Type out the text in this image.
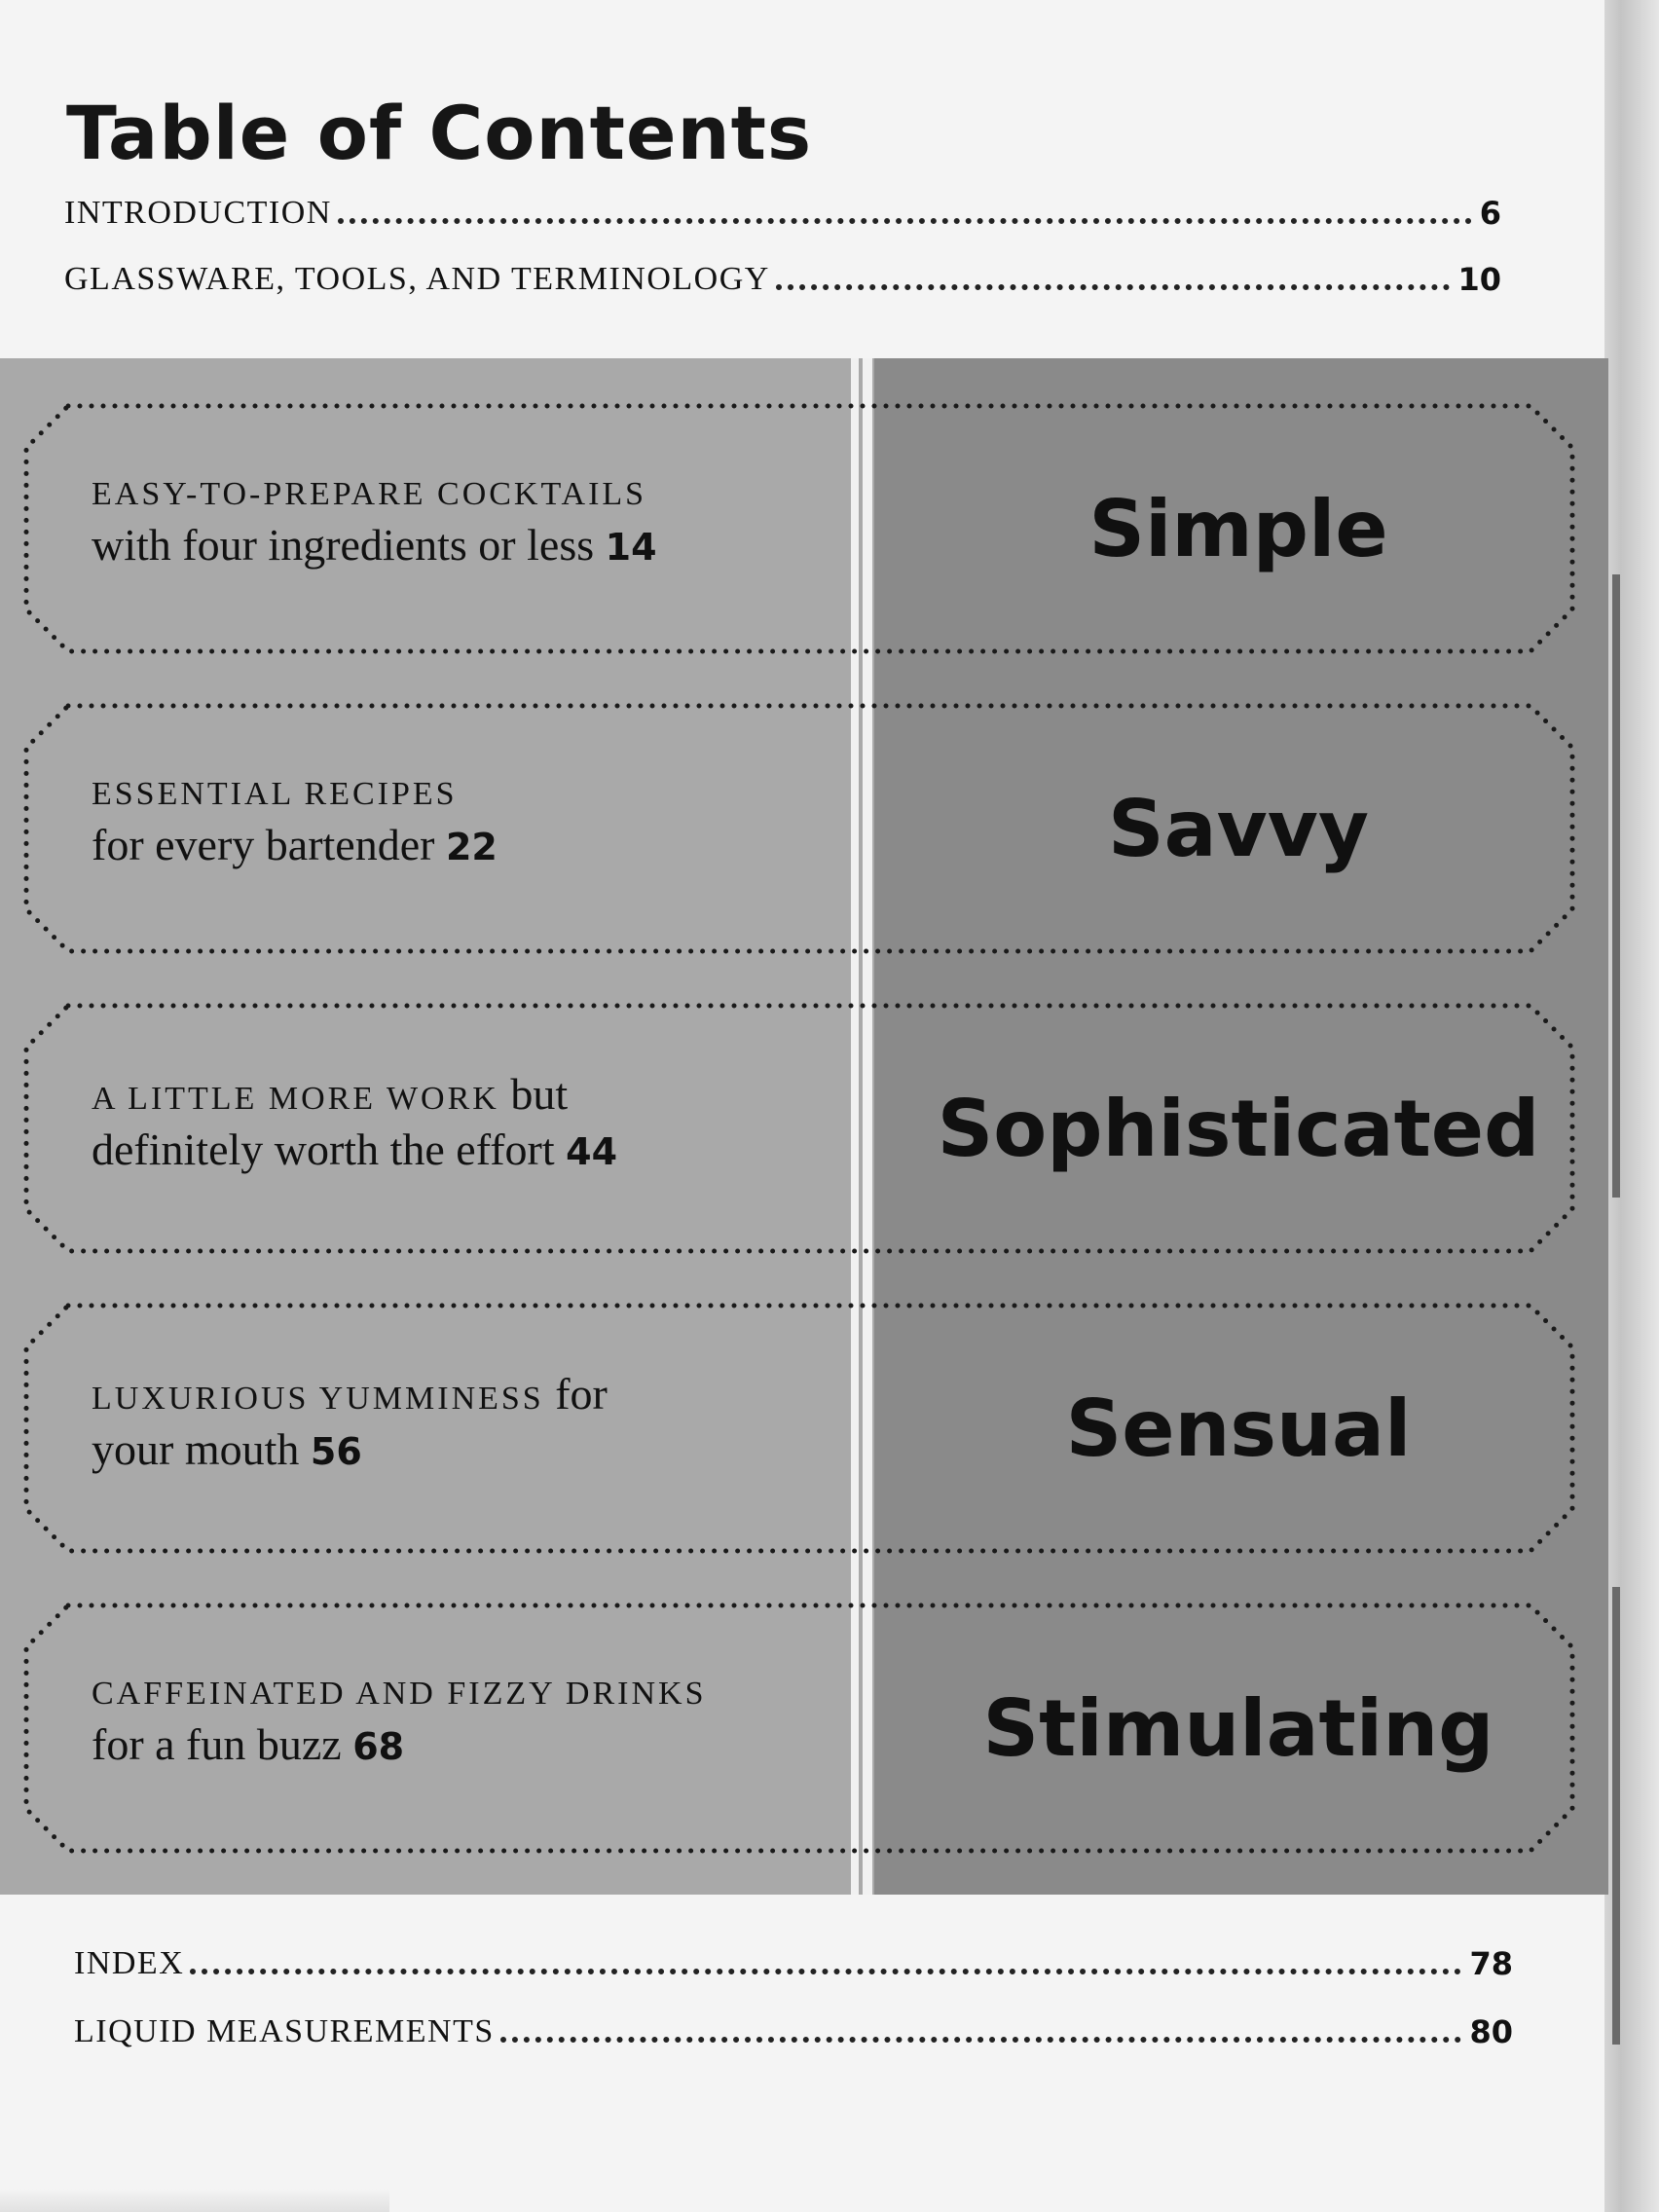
Table of Contents
INTRODUCTION	6
GLASSWARE, TOOLS, AND TERMINOLOGY	10
EASY-TO-PREPARE COCKTAILS
with four ingredients or less 14	Simple
ESSENTIAL RECIPES
for every bartender 22	Savvy
A LITTLE MORE WORK but
definitely worth the effort 44	Sophisticated
LUXURIOUS YUMMINESS for
your mouth 56	Sensual
CAFFEINATED AND FIZZY DRINKS
for a fun buzz 68	Stimulating
INDEX	78
LIQUID MEASUREMENTS	80
